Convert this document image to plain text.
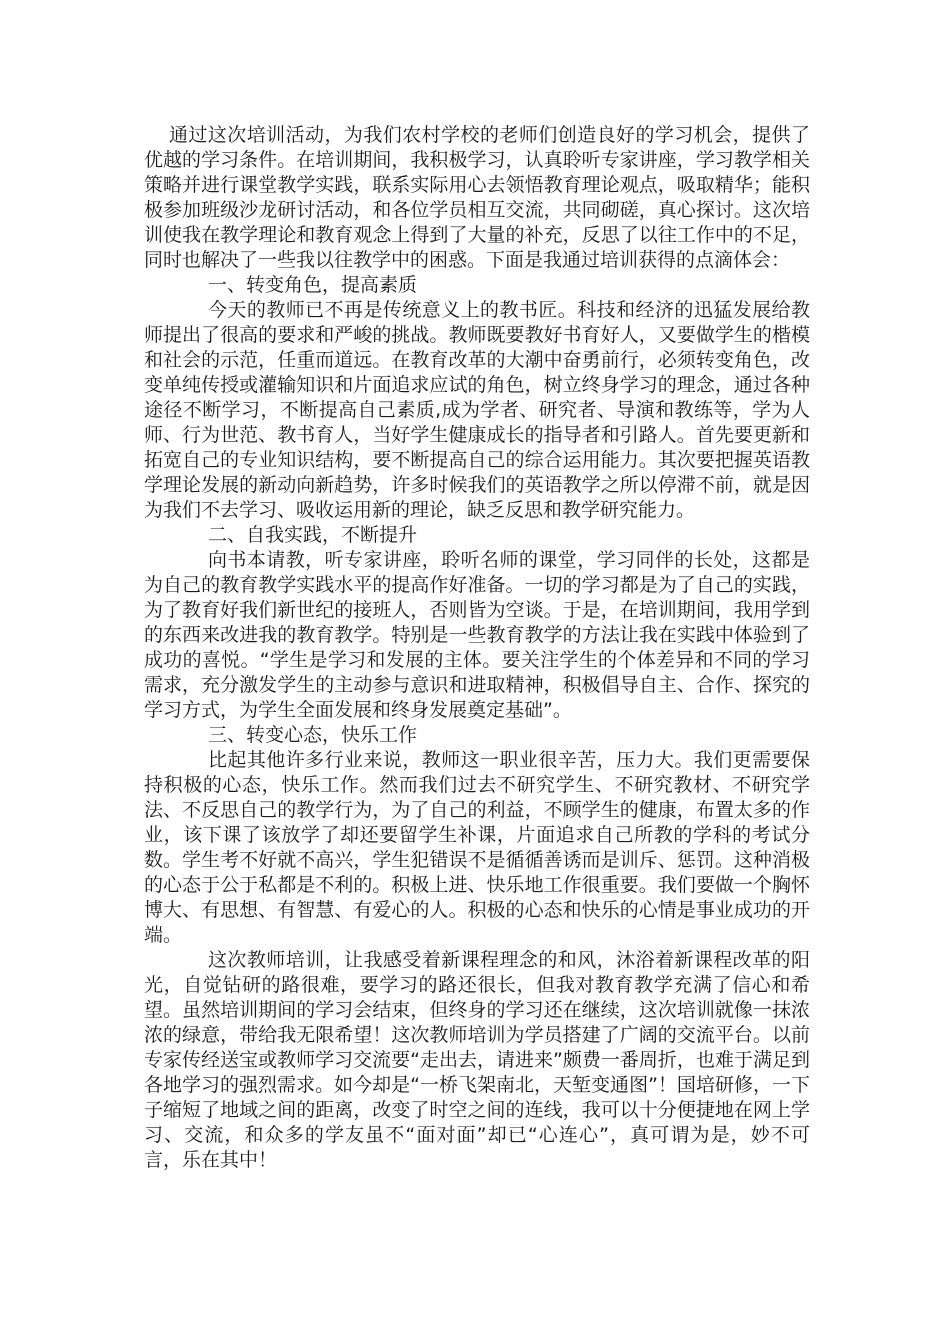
通过这次培训活动，为我们农村学校的老师们创造良好的学习机会，提供了优越的学习条件。在培训期间，我积极学习，认真聆听专家讲座，学习教学相关策略并进行课堂教学实践，联系实际用心去领悟教育理论观点，吸取精华；能积极参加班级沙龙研讨活动，和各位学员相互交流，共同砌磋，真心探讨。这次培训使我在教学理论和教育观念上得到了大量的补充，反思了以往工作中的不足，同时也解决了一些我以往教学中的困惑。下面是我通过培训获得的点滴体会：

一、转变角色，提高素质

今天的教师已不再是传统意义上的教书匠。科技和经济的迅猛发展给教师提出了很高的要求和严峻的挑战。教师既要教好书育好人，又要做学生的楷模和社会的示范，任重而道远。在教育改革的大潮中奋勇前行，必须转变角色，改变单纯传授或灌输知识和片面追求应试的角色，树立终身学习的理念，通过各种途径不断学习，不断提高自己素质,成为学者、研究者、导演和教练等，学为人师、行为世范、教书育人，当好学生健康成长的指导者和引路人。首先要更新和拓宽自己的专业知识结构，要不断提高自己的综合运用能力。其次要把握英语教学理论发展的新动向新趋势，许多时候我们的英语教学之所以停滞不前，就是因为我们不去学习、吸收运用新的理论，缺乏反思和教学研究能力。

二、自我实践，不断提升

向书本请教，听专家讲座，聆听名师的课堂，学习同伴的长处，这都是为自己的教育教学实践水平的提高作好准备。一切的学习都是为了自己的实践，为了教育好我们新世纪的接班人，否则皆为空谈。于是，在培训期间，我用学到的东西来改进我的教育教学。特别是一些教育教学的方法让我在实践中体验到了成功的喜悦。“学生是学习和发展的主体。要关注学生的个体差异和不同的学习需求，充分激发学生的主动参与意识和进取精神，积极倡导自主、合作、探究的学习方式，为学生全面发展和终身发展奠定基础”。

三、转变心态，快乐工作

比起其他许多行业来说，教师这一职业很辛苦，压力大。我们更需要保持积极的心态，快乐工作。然而我们过去不研究学生、不研究教材、不研究学法、不反思自己的教学行为，为了自己的利益，不顾学生的健康，布置太多的作业，该下课了该放学了却还要留学生补课，片面追求自己所教的学科的考试分数。学生考不好就不高兴，学生犯错误不是循循善诱而是训斥、惩罚。这种消极的心态于公于私都是不利的。积极上进、快乐地工作很重要。我们要做一个胸怀博大、有思想、有智慧、有爱心的人。积极的心态和快乐的心情是事业成功的开端。

这次教师培训，让我感受着新课程理念的和风，沐浴着新课程改革的阳光，自觉钻研的路很难，要学习的路还很长，但我对教育教学充满了信心和希望。虽然培训期间的学习会结束，但终身的学习还在继续，这次培训就像一抹浓浓的绿意，带给我无限希望！这次教师培训为学员搭建了广阔的交流平台。以前专家传经送宝或教师学习交流要“走出去，请进来”颇费一番周折，也难于满足到各地学习的强烈需求。如今却是“一桥飞架南北，天堑变通图”！国培研修，一下子缩短了地域之间的距离，改变了时空之间的连线，我可以十分便捷地在网上学习、交流，和众多的学友虽不“面对面”却已“心连心”，真可谓为是，妙不可言，乐在其中！
